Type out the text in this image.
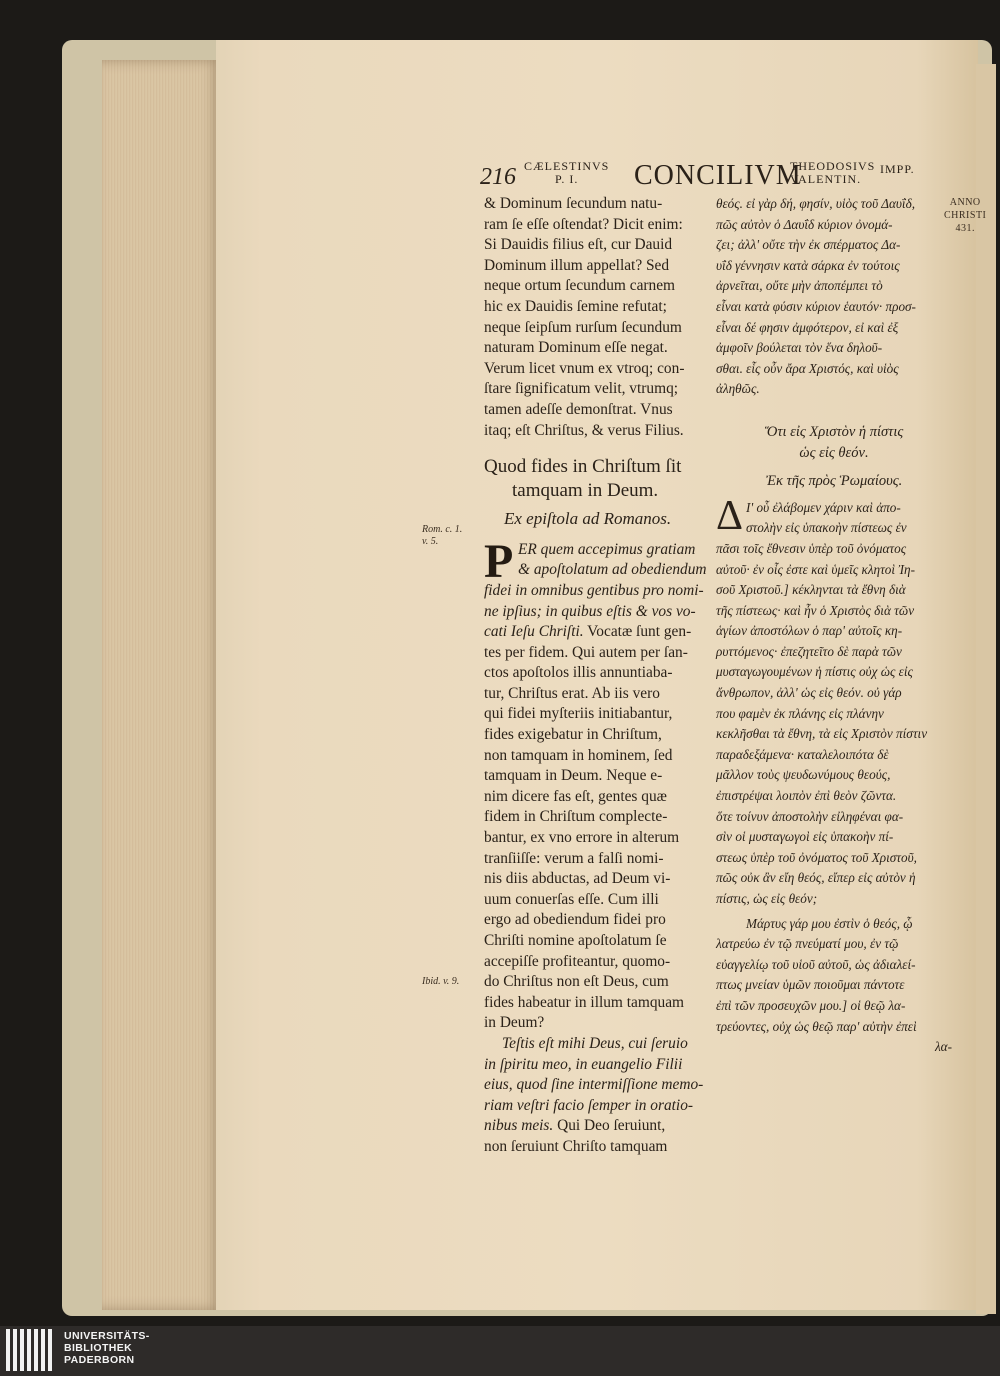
216 CÆLESTINVS
P. I.	CONCILIVM
THEODOSIVS
VALENTIN.
IMPP.
ANNO
CHRISTI
431.
Rom. c. 1.
v. 5.
Ibid. v. 9.
& Dominum ſecundum natu-
ram ſe eſſe oſtendat? Dicit enim:
Si Dauidis filius eſt, cur Dauid
Dominum illum appellat? Sed
neque ortum ſecundum carnem
hic ex Dauidis ſemine refutat;
neque ſeipſum rurſum ſecundum
naturam Dominum eſſe negat.
Verum licet vnum ex vtroq; con-
ſtare ſignificatum velit, vtrumq;
tamen adeſſe demonſtrat. Vnus
itaq; eſt Chriſtus, & verus Filius.
Quod fides in Chriſtum ſit
tamquam in Deum.
Ex epiſtola ad Romanos.
P ER quem accepimus gratiam
& apoſtolatum ad obediendum
fidei in omnibus gentibus pro nomi-
ne ipſius; in quibus eſtis & vos vo-
cati Ieſu Chriſti. Vocatæ ſunt gen-
tes per fidem. Qui autem per ſan-
ctos apoſtolos illis annuntiaba-
tur, Chriſtus erat. Ab iis vero
qui fidei myſteriis initiabantur,
fides exigebatur in Chriſtum,
non tamquam in hominem, ſed
tamquam in Deum. Neque e-
nim dicere fas eſt, gentes quæ
fidem in Chriſtum complecte-
bantur, ex vno errore in alterum
tranſiiſſe: verum a falſi nomi-
nis diis abductas, ad Deum vi-
uum conuerſas eſſe. Cum illi
ergo ad obediendum fidei pro
Chriſti nomine apoſtolatum ſe
accepiſſe profiteantur, quomo-
do Chriſtus non eſt Deus, cum
fides habeatur in illum tamquam
in Deum?
Teſtis eſt mihi Deus, cui ſeruio
in ſpiritu meo, in euangelio Filii
eius, quod ſine intermiſſione memo-
riam veſtri facio ſemper in oratio-
nibus meis. Qui Deo ſeruiunt,
non ſeruiunt Chriſto tamquam
θεός. εἰ γὰρ δή, φησίν, υἱὸς τοῦ Δαυΐδ,
πῶς αὐτὸν ὁ Δαυΐδ κύριον ὀνομά-
ζει; ἀλλ' οὔτε τὴν ἐκ σπέρματος Δα-
υΐδ γέννησιν κατὰ σάρκα ἐν τούτοις
ἀρνεῖται, οὔτε μὴν ἀποπέμπει τὸ
εἶναι κατὰ φύσιν κύριον ἑαυτόν· προσ-
εἶναι δέ φησιν ἀμφότερον, εἰ καὶ ἐξ
ἀμφοῖν βούλεται τὸν ἕνα δηλοῦ-
σθαι. εἷς οὖν ἄρα Χριστός, καὶ υἱὸς
ἀληθῶς.
Ὅτι εἰς Χριστὸν ἡ πίστις
ὡς εἰς θεόν.
Ἐκ τῆς πρὸς Ῥωμαίους.
Δ Ι' οὗ ἐλάβομεν χάριν καὶ ἀπο-
στολὴν εἰς ὑπακοὴν πίστεως ἐν
πᾶσι τοῖς ἔθνεσιν ὑπὲρ τοῦ ὀνόματος
αὐτοῦ· ἐν οἷς ἐστε καὶ ὑμεῖς κλητοὶ Ἰη-
σοῦ Χριστοῦ.] κέκληνται τὰ ἔθνη διὰ
τῆς πίστεως· καὶ ἦν ὁ Χριστὸς διὰ τῶν
ἁγίων ἀποστόλων ὁ παρ' αὐτοῖς κη-
ρυττόμενος· ἐπεζητεῖτο δὲ παρὰ τῶν
μυσταγωγουμένων ἡ πίστις οὐχ ὡς εἰς
ἄνθρωπον, ἀλλ' ὡς εἰς θεόν. οὐ γάρ
που φαμὲν ἐκ πλάνης εἰς πλάνην
κεκλῆσθαι τὰ ἔθνη, τὰ εἰς Χριστὸν πίστιν
παραδεξάμενα· καταλελοιπότα δὲ
μᾶλλον τοὺς ψευδωνύμους θεούς,
ἐπιστρέψαι λοιπὸν ἐπὶ θεὸν ζῶντα.
ὅτε τοίνυν ἀποστολὴν εἰληφέναι φα-
σὶν οἱ μυσταγωγοὶ εἰς ὑπακοὴν πί-
στεως ὑπὲρ τοῦ ὀνόματος τοῦ Χριστοῦ,
πῶς οὐκ ἂν εἴη θεός, εἴπερ εἰς αὐτὸν ἡ
πίστις, ὡς εἰς θεόν;
Μάρτυς γάρ μου ἐστὶν ὁ θεός, ᾧ
λατρεύω ἐν τῷ πνεύματί μου, ἐν τῷ
εὐαγγελίῳ τοῦ υἱοῦ αὐτοῦ, ὡς ἀδιαλεί-
πτως μνείαν ὑμῶν ποιοῦμαι πάντοτε
ἐπὶ τῶν προσευχῶν μου.] οἱ θεῷ λα-
τρεύοντες, οὐχ ὡς θεῷ παρ' αὐτὴν ἐπεὶ
λα-
UNIVERSITÄTS-
BIBLIOTHEK
PADERBORN
